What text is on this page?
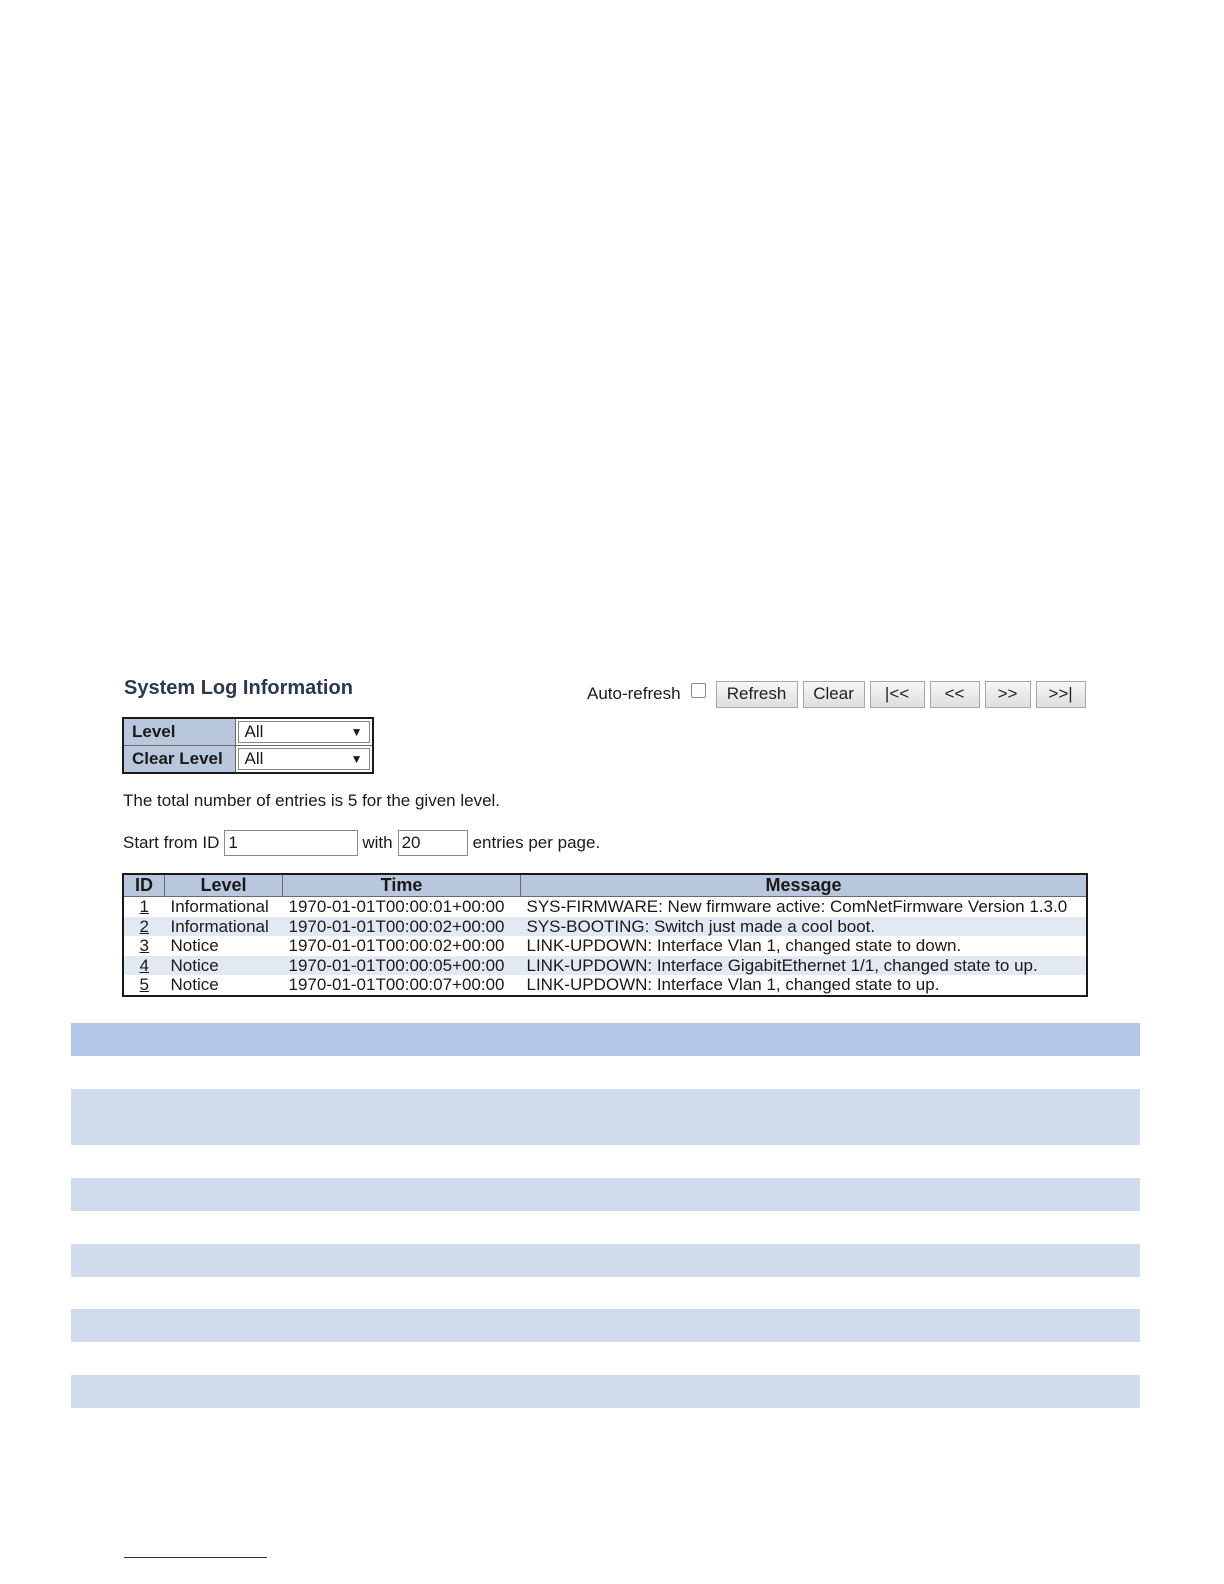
System Log Information	Auto-refresh	Refresh	Clear	|<<	<<	>>	>>|
Level	All ▼

Clear Level	All ▼
The total number of entries is 5 for the given level.
Start from ID 1	with 20	entries per page.
ID	Level	Time	Message
1	Informational	1970-01-01T00:00:01+00:00	SYS-FIRMWARE: New firmware active: ComNetFirmware Version 1.3.0
2	Informational	1970-01-01T00:00:02+00:00	SYS-BOOTING: Switch just made a cool boot.
3	Notice	1970-01-01T00:00:02+00:00	LINK-UPDOWN: Interface Vlan 1, changed state to down.
4	Notice	1970-01-01T00:00:05+00:00	LINK-UPDOWN: Interface GigabitEthernet 1/1, changed state to up.
5	Notice	1970-01-01T00:00:07+00:00	LINK-UPDOWN: Interface Vlan 1, changed state to up.
